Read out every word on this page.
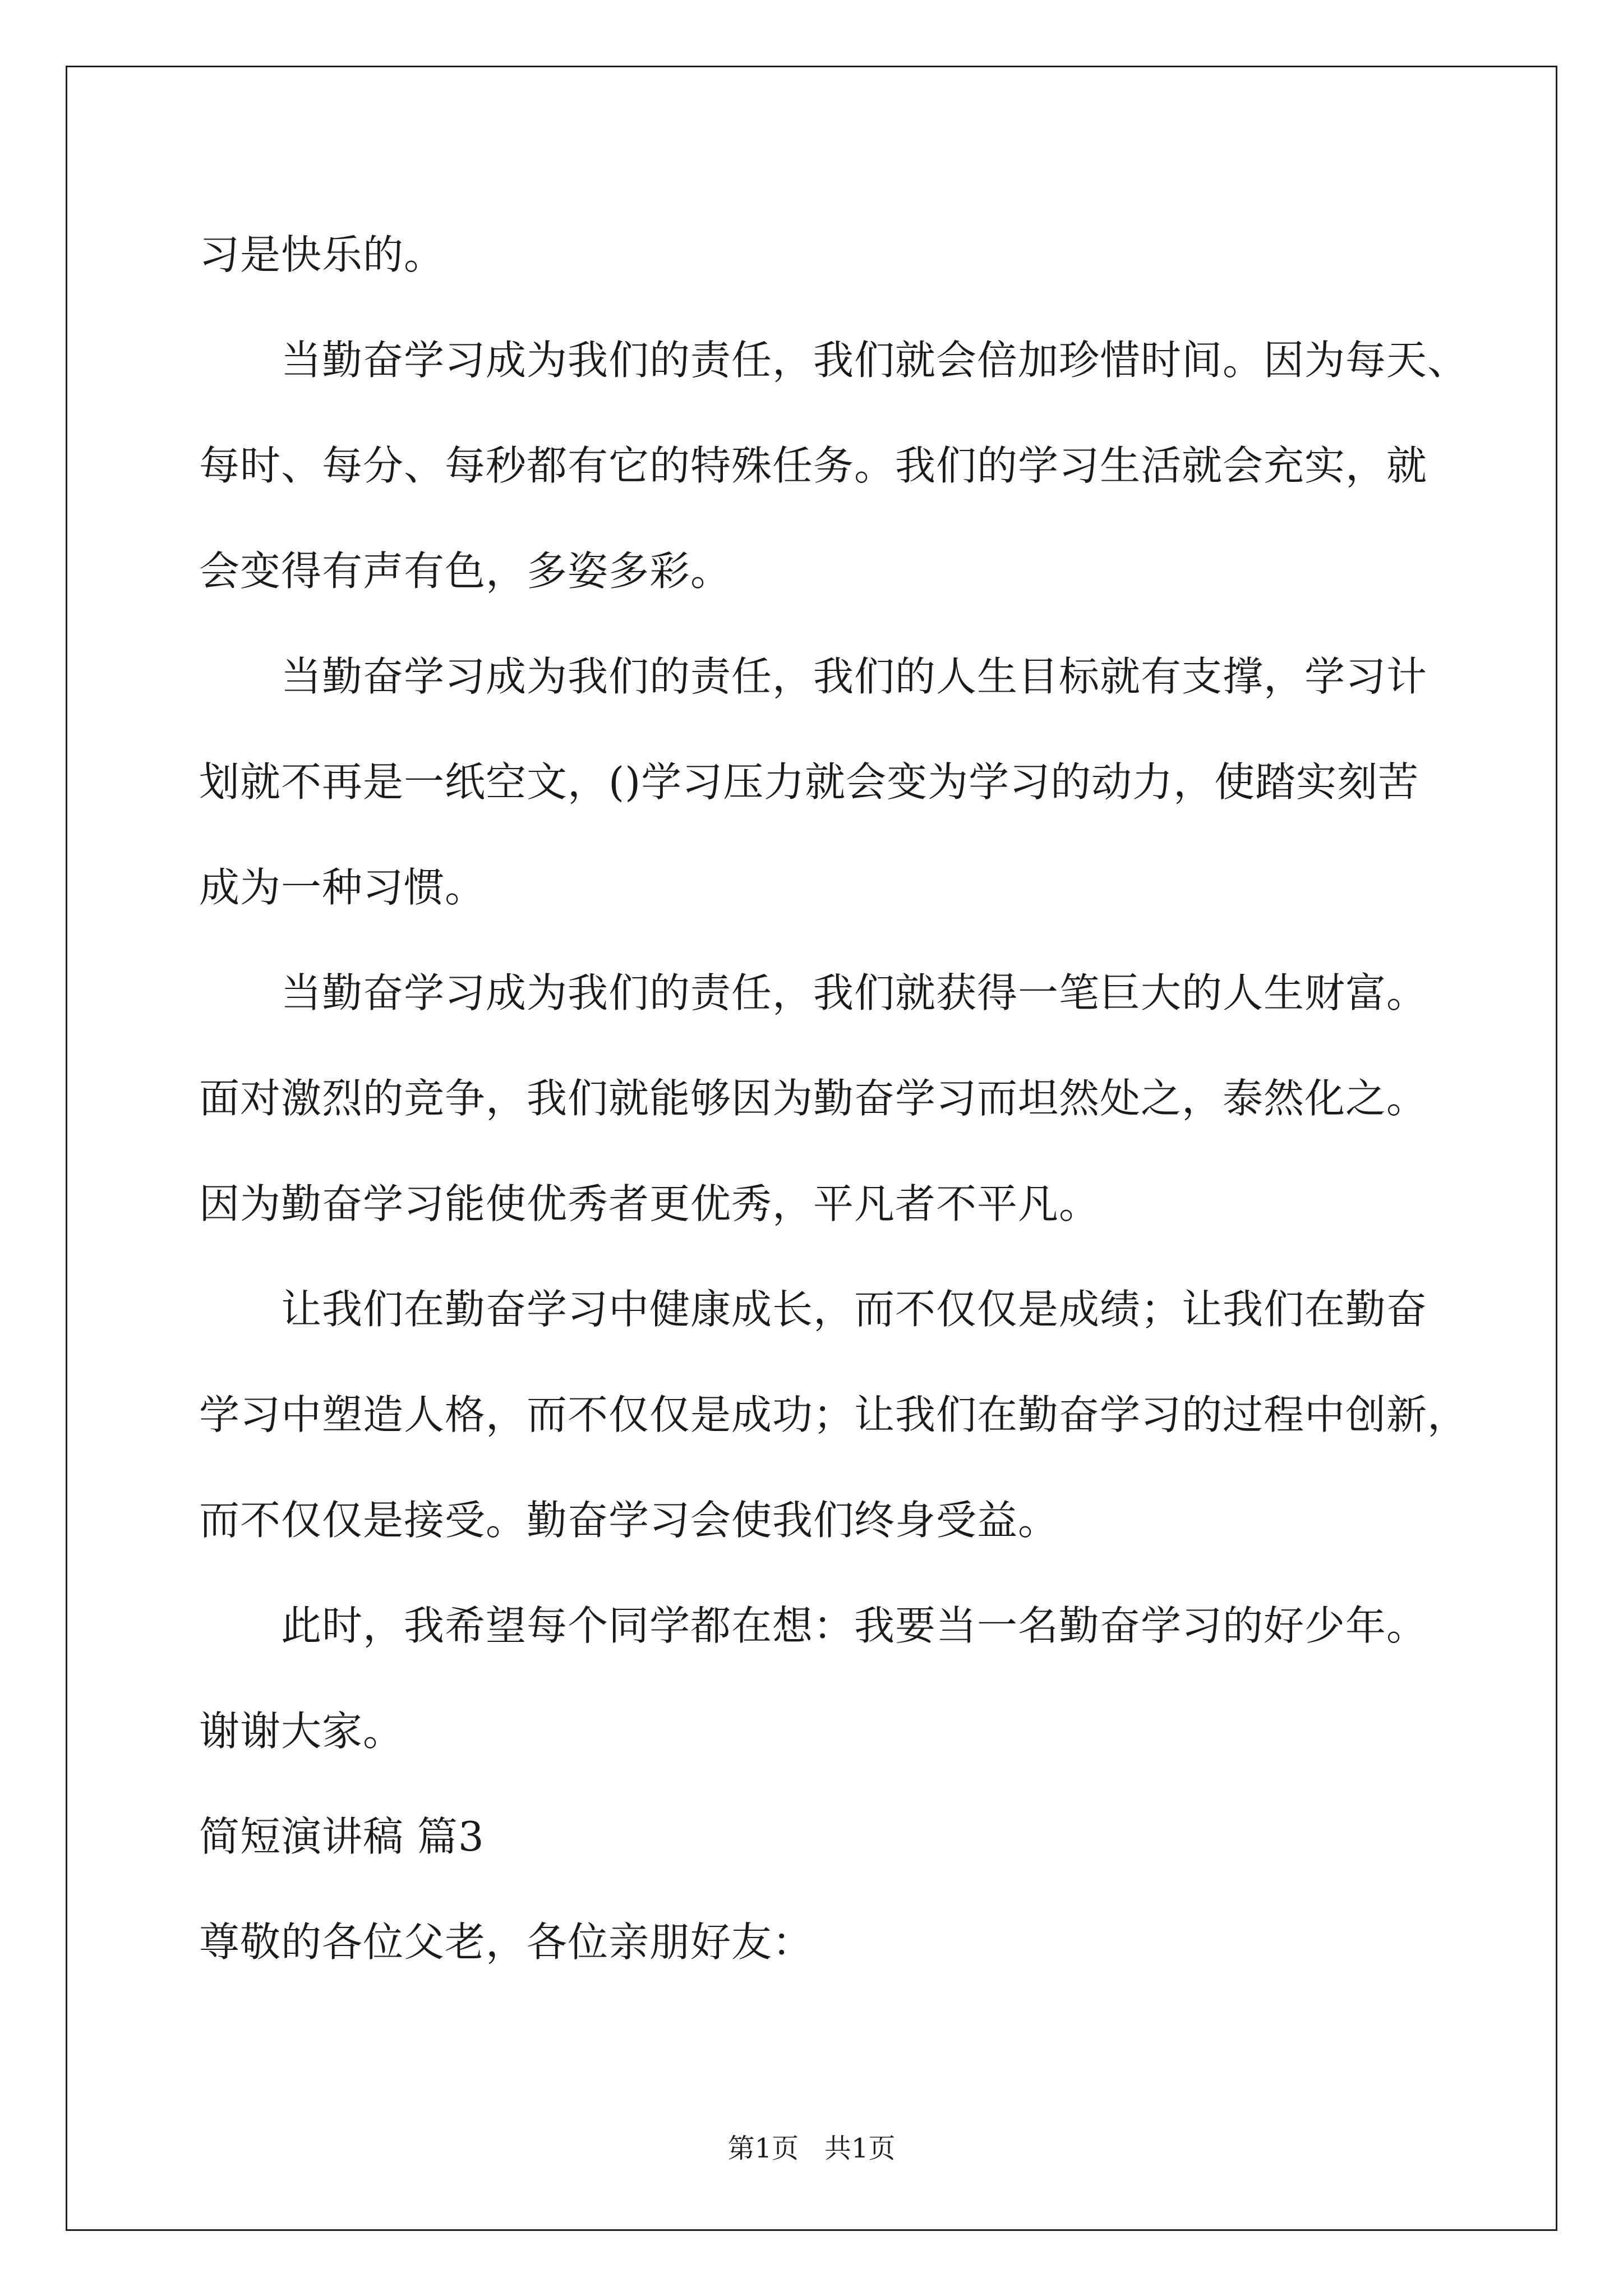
习是快乐的。
当勤奋学习成为我们的责任，我们就会倍加珍惜时间。因为每天、
每时、每分、每秒都有它的特殊任务。我们的学习生活就会充实，就
会变得有声有色，多姿多彩。
当勤奋学习成为我们的责任，我们的人生目标就有支撑，学习计
划就不再是一纸空文，()学习压力就会变为学习的动力，使踏实刻苦
成为一种习惯。
当勤奋学习成为我们的责任，我们就获得一笔巨大的人生财富。
面对激烈的竞争，我们就能够因为勤奋学习而坦然处之，泰然化之。
因为勤奋学习能使优秀者更优秀，平凡者不平凡。
让我们在勤奋学习中健康成长，而不仅仅是成绩；让我们在勤奋
学习中塑造人格，而不仅仅是成功；让我们在勤奋学习的过程中创新，
而不仅仅是接受。勤奋学习会使我们终身受益。
此时，我希望每个同学都在想：我要当一名勤奋学习的好少年。
谢谢大家。
简短演讲稿 篇3
尊敬的各位父老，各位亲朋好友：
第1页   共1页
